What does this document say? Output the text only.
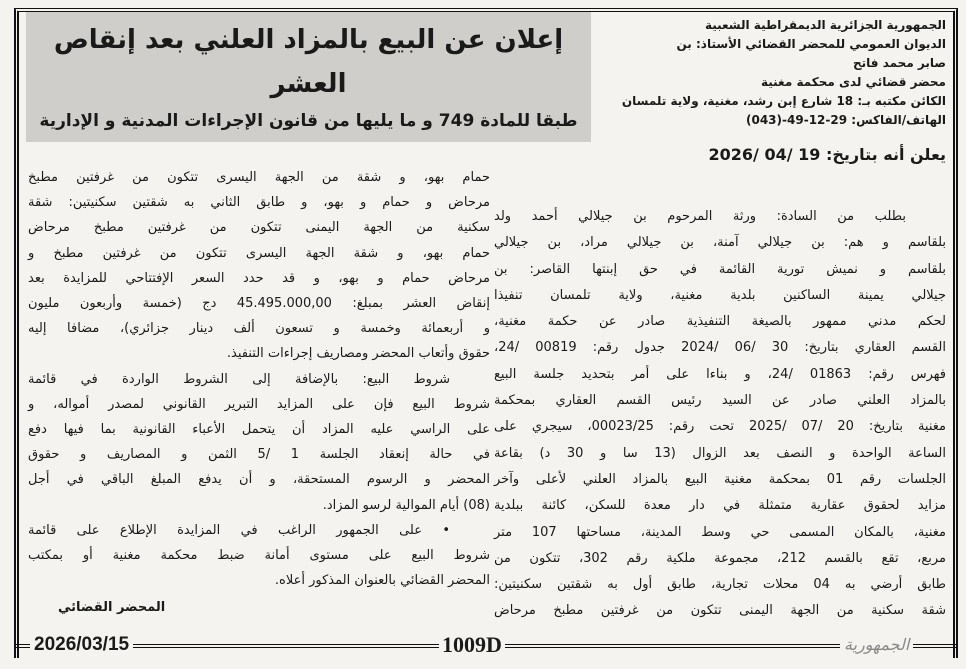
إعلان عن البيع بالمزاد العلني بعد إنقاص العشر
طبقا للمادة 749 و ما يليها من قانون الإجراءات المدنية و الإدارية
الجمهورية الجزائرية الديمقراطية الشعبية
الديوان العمومي للمحضر القضائي الأستاذ: بن
صابر محمد فاتح
محضر قضائي لدى محكمة مغنية
الكائن مكتبه بـ: 18 شارع إبن رشد، مغنية، ولاية تلمسان
الهاتف/الفاكس: 29-12-49-(043)
يعلن أنه بتاريخ: 19 /04 /2026
بطلب من السادة: ورثة المرحوم بن جيلالي أحمد ولد
بلقاسم و هم: بن جيلالي آمنة، بن جيلالي مراد، بن جيلالي
بلقاسم و نميش تورية القائمة في حق إبنتها القاصر: بن
جيلالي يمينة الساكنين بلدية مغنية، ولاية تلمسان تنفيذا
لحكم مدني ممهور بالصيغة التنفيذية صادر عن حكمة مغنية،
القسم العقاري بتاريخ: 30 /06 /2024 جدول رقم: 00819 /24،
فهرس رقم: 01863 /24، و بناءا على أمر بتحديد جلسة البيع
بالمزاد العلني صادر عن السيد رئيس القسم العقاري بمحكمة
مغنية بتاريخ: 20 /07 /2025 تحت رقم: 00023/25، سيجري على
الساعة الواحدة و النصف بعد الزوال (13 سا و 30 د) بقاعة
الجلسات رقم 01 بمحكمة مغنية البيع بالمزاد العلني لأعلى وآخر
مزايد لحقوق عقارية متمثلة في دار معدة للسكن، كائنة ببلدية
مغنية، بالمكان المسمى حي وسط المدينة، مساحتها 107 متر
مربع، تقع بالقسم 212، مجموعة ملكية رقم 302، تتكون من
طابق أرضي به 04 محلات تجارية، طابق أول به شقتين سكنيتين:
شقة سكنية من الجهة اليمنى تتكون من غرفتين مطبخ مرحاض
حمام بهو، و شقة من الجهة اليسرى تتكون من غرفتين مطبخ
مرحاض و حمام و بهو، و طابق الثاني به شقتين سكنيتين: شقة
سكنية من الجهة اليمنى تتكون من غرفتين مطبخ مرحاض
حمام بهو، و شقة الجهة اليسرى تتكون من غرفتين مطبخ و
مرحاض حمام و بهو، و قد حدد السعر الإفتتاحي للمزايدة بعد
إنقاض العشر بمبلغ: 45.495.000,00 دج (خمسة وأربعون مليون
و أربعمائة وخمسة و تسعون ألف دينار جزائري)، مضافا إليه
حقوق وأتعاب المحضر ومصاريف إجراءات التنفيذ.
شروط البيع: بالإضافة إلى الشروط الواردة في قائمة
شروط البيع فإن على المزايد التبرير القانوني لمصدر أمواله، و
على الراسي عليه المزاد أن يتحمل الأعباء القانونية بما فيها دفع
في حالة إنعقاد الجلسة 1 /5 الثمن و المصاريف و حقوق
المحضر و الرسوم المستحقة، و أن يدفع المبلغ الباقي في أجل
(08) أيام الموالية لرسو المزاد.
• على الجمهور الراغب في المزايدة الإطلاع على قائمة
شروط البيع على مستوى أمانة ضبط محكمة مغنية أو بمكتب
المحضر القضائي بالعنوان المذكور أعلاه.
المحضر القضائي
2026/03/15	1009D	الجمهورية
